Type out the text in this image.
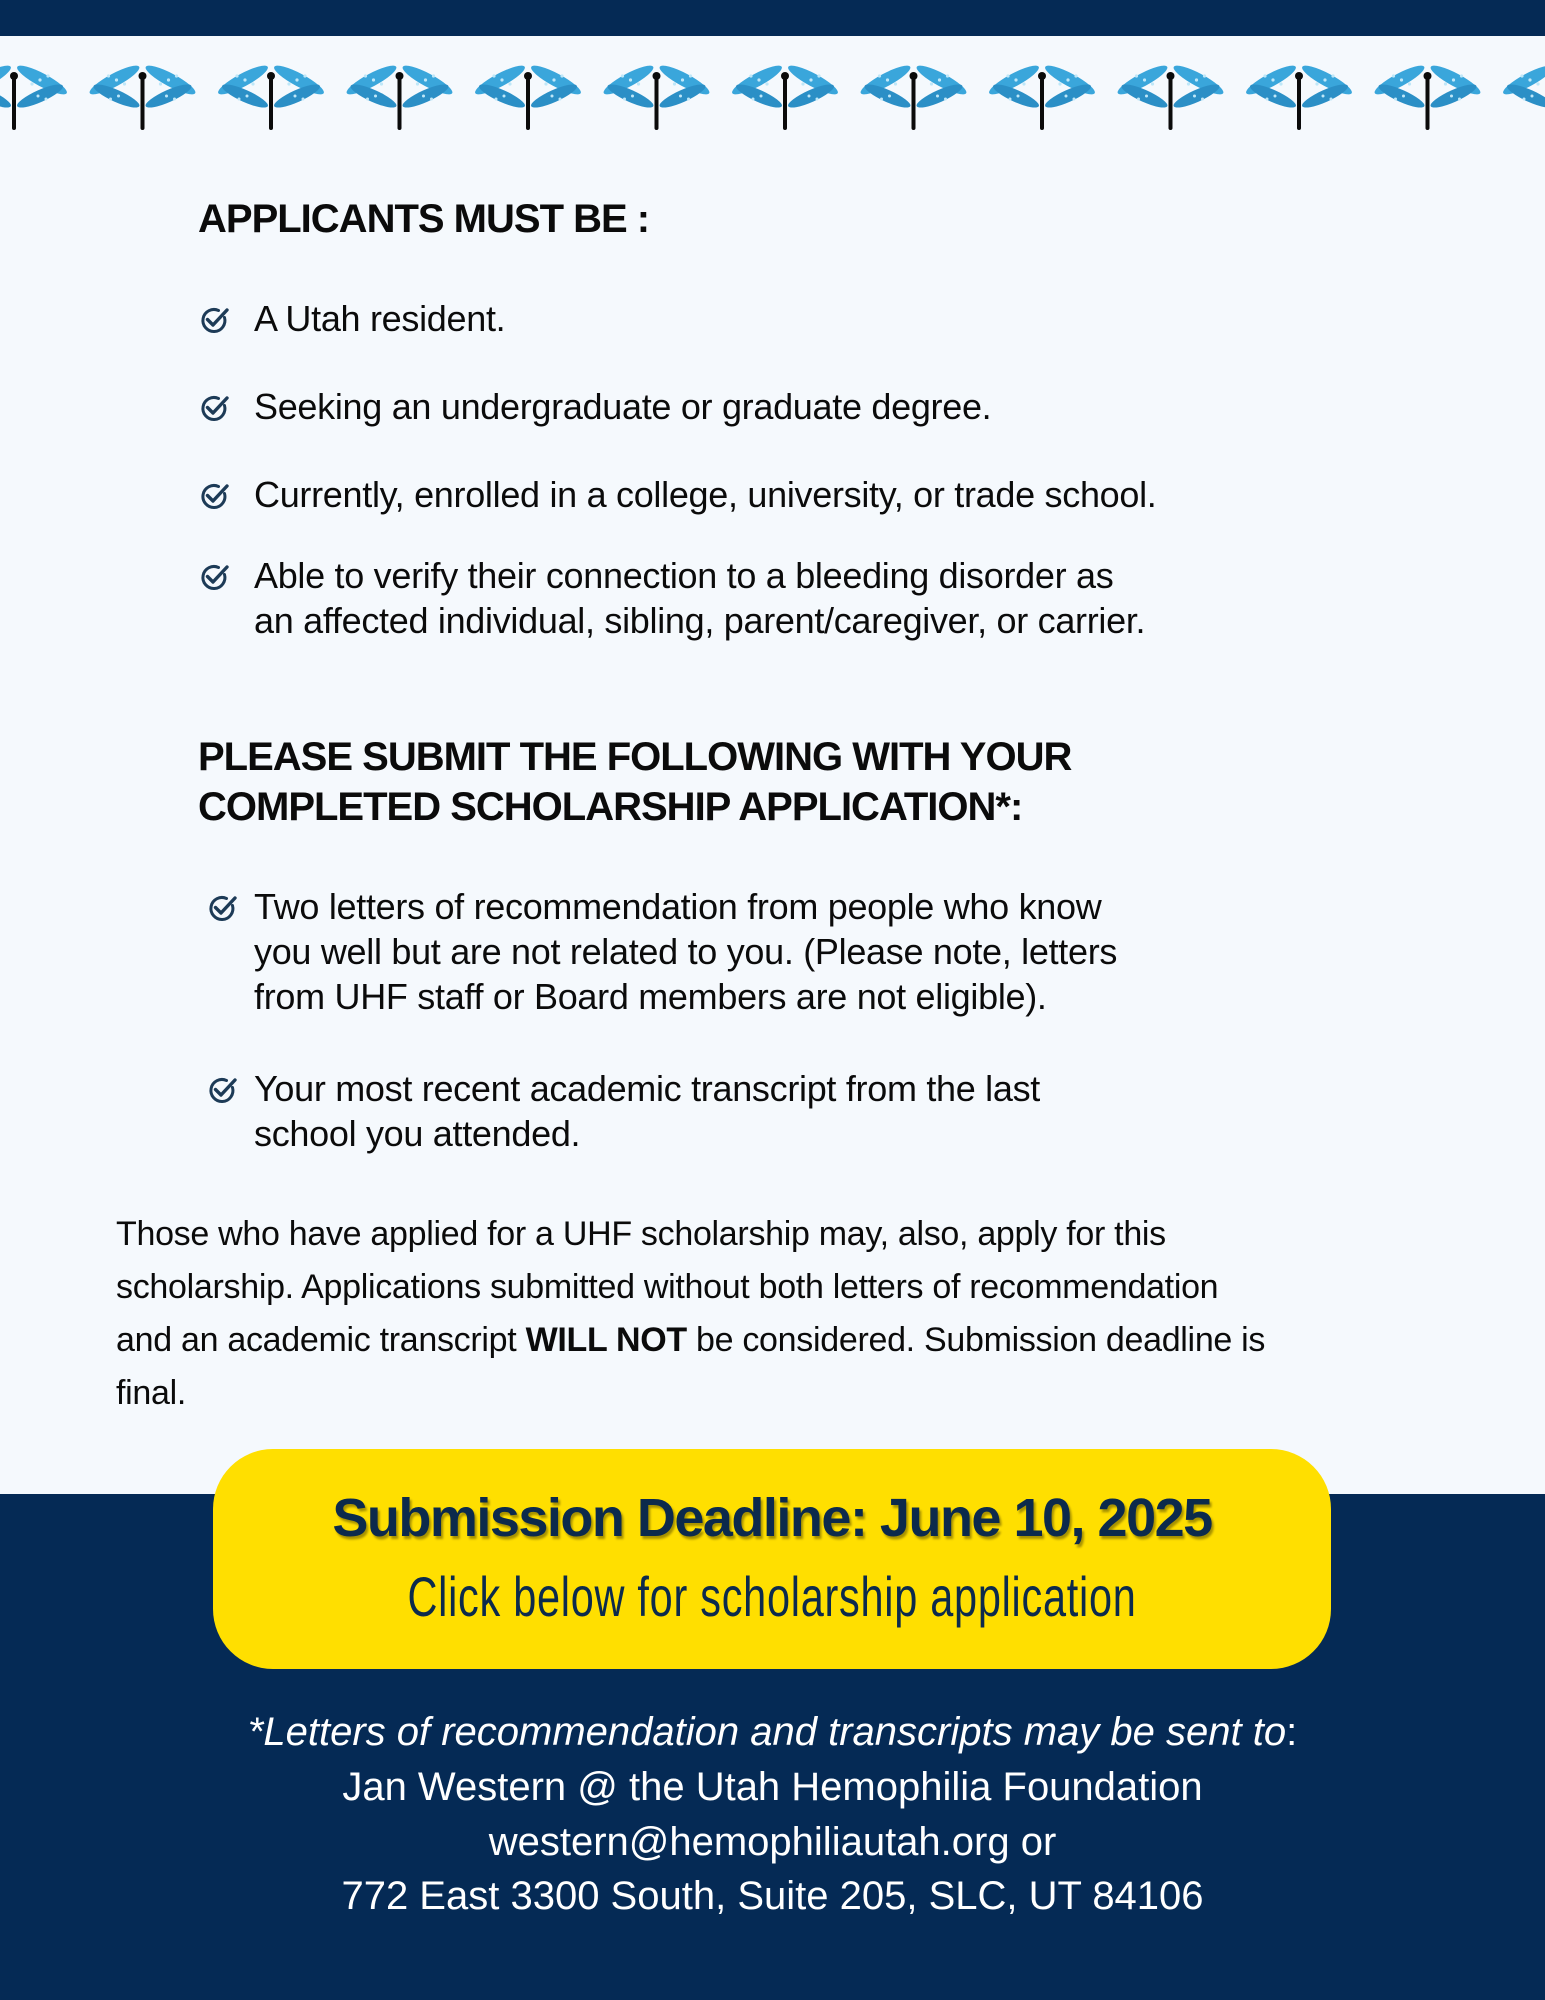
APPLICANTS MUST BE :
A Utah resident.
Seeking an undergraduate or graduate degree.
Currently, enrolled in a college, university, or trade school.
Able to verify their connection to a bleeding disorder as
an affected individual, sibling, parent/caregiver, or carrier.
PLEASE SUBMIT THE FOLLOWING WITH YOUR
COMPLETED SCHOLARSHIP APPLICATION*:
Two letters of recommendation from people who know
you well but are not related to you. (Please note, letters
from UHF staff or Board members are not eligible).
Your most recent academic transcript from the last
school you attended.
Those who have applied for a UHF scholarship may, also, apply for this
scholarship. Applications submitted without both letters of recommendation
and an academic transcript WILL NOT be considered. Submission deadline is
final.
Submission Deadline: June 10, 2025
Click below for scholarship application
*Letters of recommendation and transcripts may be sent to:
Jan Western @ the Utah Hemophilia Foundation
western@hemophiliautah.org or
772 East 3300 South, Suite 205, SLC, UT 84106
